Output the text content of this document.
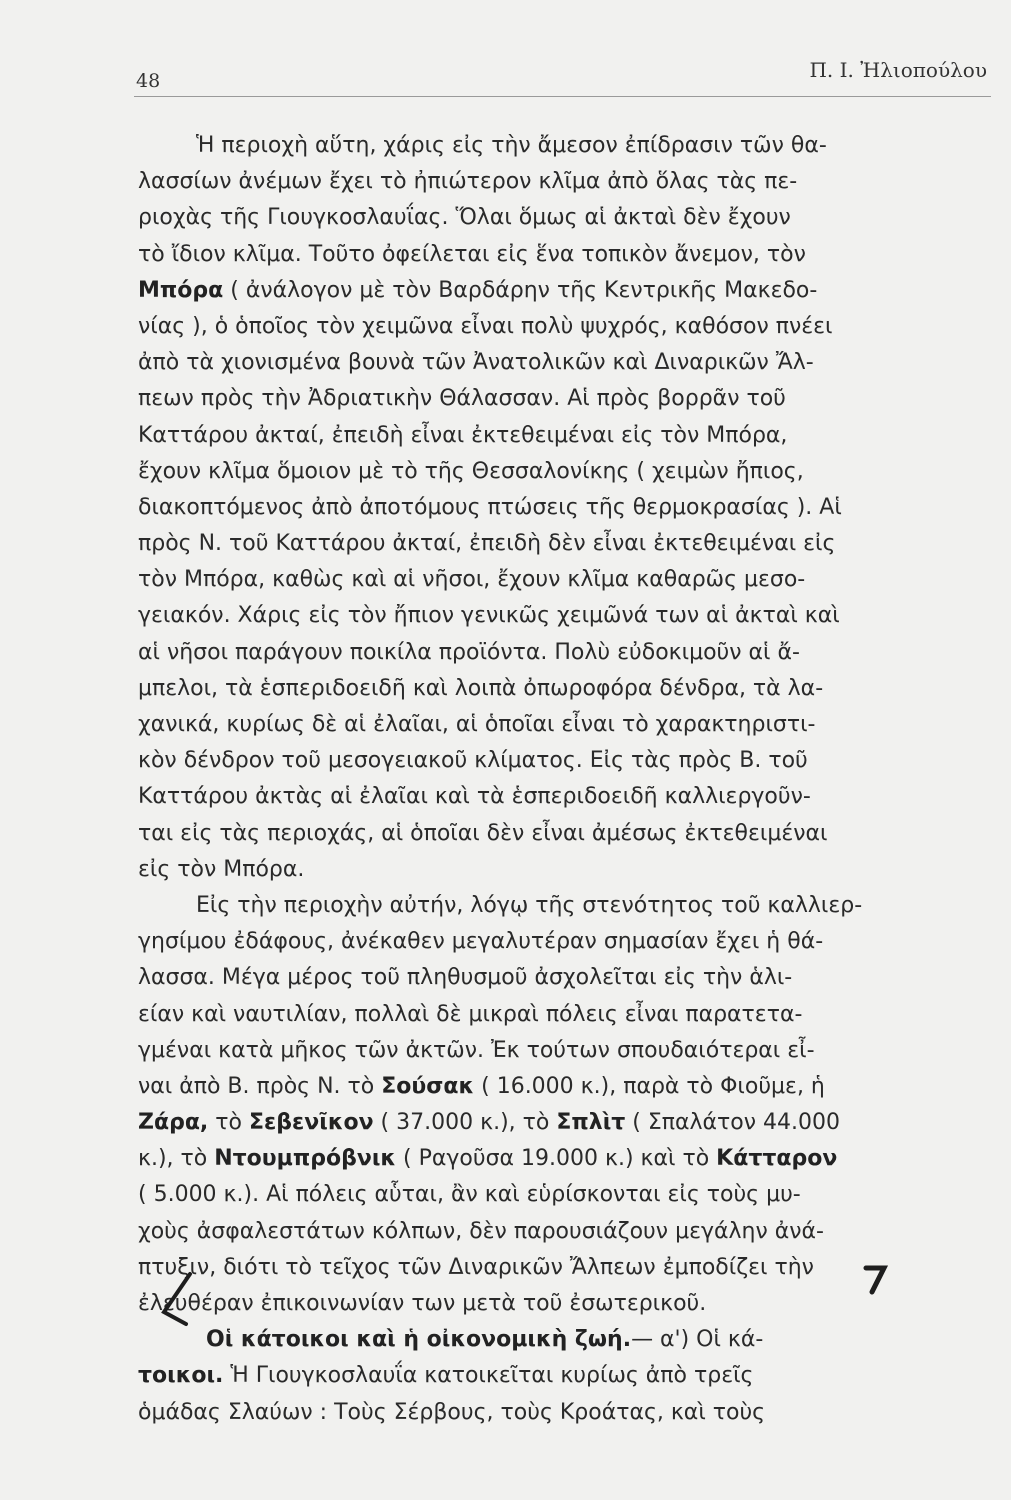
48	Π. Ι. Ἠλιοπούλου
Ἡ περιοχὴ αὕτη, χάρις εἰς τὴν ἄμεσον ἐπίδρασιν τῶν θα-
λασσίων ἀνέμων ἔχει τὸ ἠπιώτερον κλῖμα ἀπὸ ὅλας τὰς πε-
ριοχὰς τῆς Γιουγκοσλαυΐας. Ὅλαι ὅμως αἱ ἀκταὶ δὲν ἔχουν
τὸ ἴδιον κλῖμα. Τοῦτο ὀφείλεται εἰς ἕνα τοπικὸν ἄνεμον, τὸν
Μπόρα ( ἀνάλογον μὲ τὸν Βαρδάρην τῆς Κεντρικῆς Μακεδο-
νίας ), ὁ ὁποῖος τὸν χειμῶνα εἶναι πολὺ ψυχρός, καθόσον πνέει
ἀπὸ τὰ χιονισμένα βουνὰ τῶν Ἀνατολικῶν καὶ Διναρικῶν Ἄλ-
πεων πρὸς τὴν Ἀδριατικὴν Θάλασσαν. Αἱ πρὸς βορρᾶν τοῦ
Καττάρου ἀκταί, ἐπειδὴ εἶναι ἐκτεθειμέναι εἰς τὸν Μπόρα,
ἔχουν κλῖμα ὅμοιον μὲ τὸ τῆς Θεσσαλονίκης ( χειμὼν ἤπιος,
διακοπτόμενος ἀπὸ ἀποτόμους πτώσεις τῆς θερμοκρασίας ). Αἱ
πρὸς Ν. τοῦ Καττάρου ἀκταί, ἐπειδὴ δὲν εἶναι ἐκτεθειμέναι εἰς
τὸν Μπόρα, καθὼς καὶ αἱ νῆσοι, ἔχουν κλῖμα καθαρῶς μεσο-
γειακόν. Χάρις εἰς τὸν ἤπιον γενικῶς χειμῶνά των αἱ ἀκταὶ καὶ
αἱ νῆσοι παράγουν ποικίλα προϊόντα. Πολὺ εὐδοκιμοῦν αἱ ἄ-
μπελοι, τὰ ἑσπεριδοειδῆ καὶ λοιπὰ ὀπωροφόρα δένδρα, τὰ λα-
χανικά, κυρίως δὲ αἱ ἐλαῖαι, αἱ ὁποῖαι εἶναι τὸ χαρακτηριστι-
κὸν δένδρον τοῦ μεσογειακοῦ κλίματος. Εἰς τὰς πρὸς Β. τοῦ
Καττάρου ἀκτὰς αἱ ἐλαῖαι καὶ τὰ ἑσπεριδοειδῆ καλλιεργοῦν-
ται εἰς τὰς περιοχάς, αἱ ὁποῖαι δὲν εἶναι ἀμέσως ἐκτεθειμέναι
εἰς τὸν Μπόρα.
Εἰς τὴν περιοχὴν αὐτήν, λόγῳ τῆς στενότητος τοῦ καλλιερ-
γησίμου ἐδάφους, ἀνέκαθεν μεγαλυτέραν σημασίαν ἔχει ἡ θά-
λασσα. Μέγα μέρος τοῦ πληθυσμοῦ ἀσχολεῖται εἰς τὴν ἁλι-
είαν καὶ ναυτιλίαν, πολλαὶ δὲ μικραὶ πόλεις εἶναι παρατετα-
γμέναι κατὰ μῆκος τῶν ἀκτῶν. Ἐκ τούτων σπουδαιότεραι εἶ-
ναι ἀπὸ Β. πρὸς Ν. τὸ Σούσακ ( 16.000 κ.), παρὰ τὸ Φιοῦμε, ἡ
Ζάρα, τὸ Σεβενῖκον ( 37.000 κ.), τὸ Σπλὶτ ( Σπαλάτον 44.000
κ.), τὸ Ντουμπρόβνικ ( Ραγοῦσα 19.000 κ.) καὶ τὸ Κάτταρον
( 5.000 κ.). Αἱ πόλεις αὗται, ἂν καὶ εὑρίσκονται εἰς τοὺς μυ-
χοὺς ἀσφαλεστάτων κόλπων, δὲν παρουσιάζουν μεγάλην ἀνά-
πτυξιν, διότι τὸ τεῖχος τῶν Διναρικῶν Ἄλπεων ἐμποδίζει τὴν
ἐλευθέραν ἐπικοινωνίαν των μετὰ τοῦ ἐσωτερικοῦ.
Οἱ κάτοικοι καὶ ἡ οἰκονομικὴ ζωή.— α') Οἱ κά-
τοικοι. Ἡ Γιουγκοσλαυΐα κατοικεῖται κυρίως ἀπὸ τρεῖς
ὁμάδας Σλαύων : Τοὺς Σέρβους, τοὺς Κροάτας, καὶ τοὺς
